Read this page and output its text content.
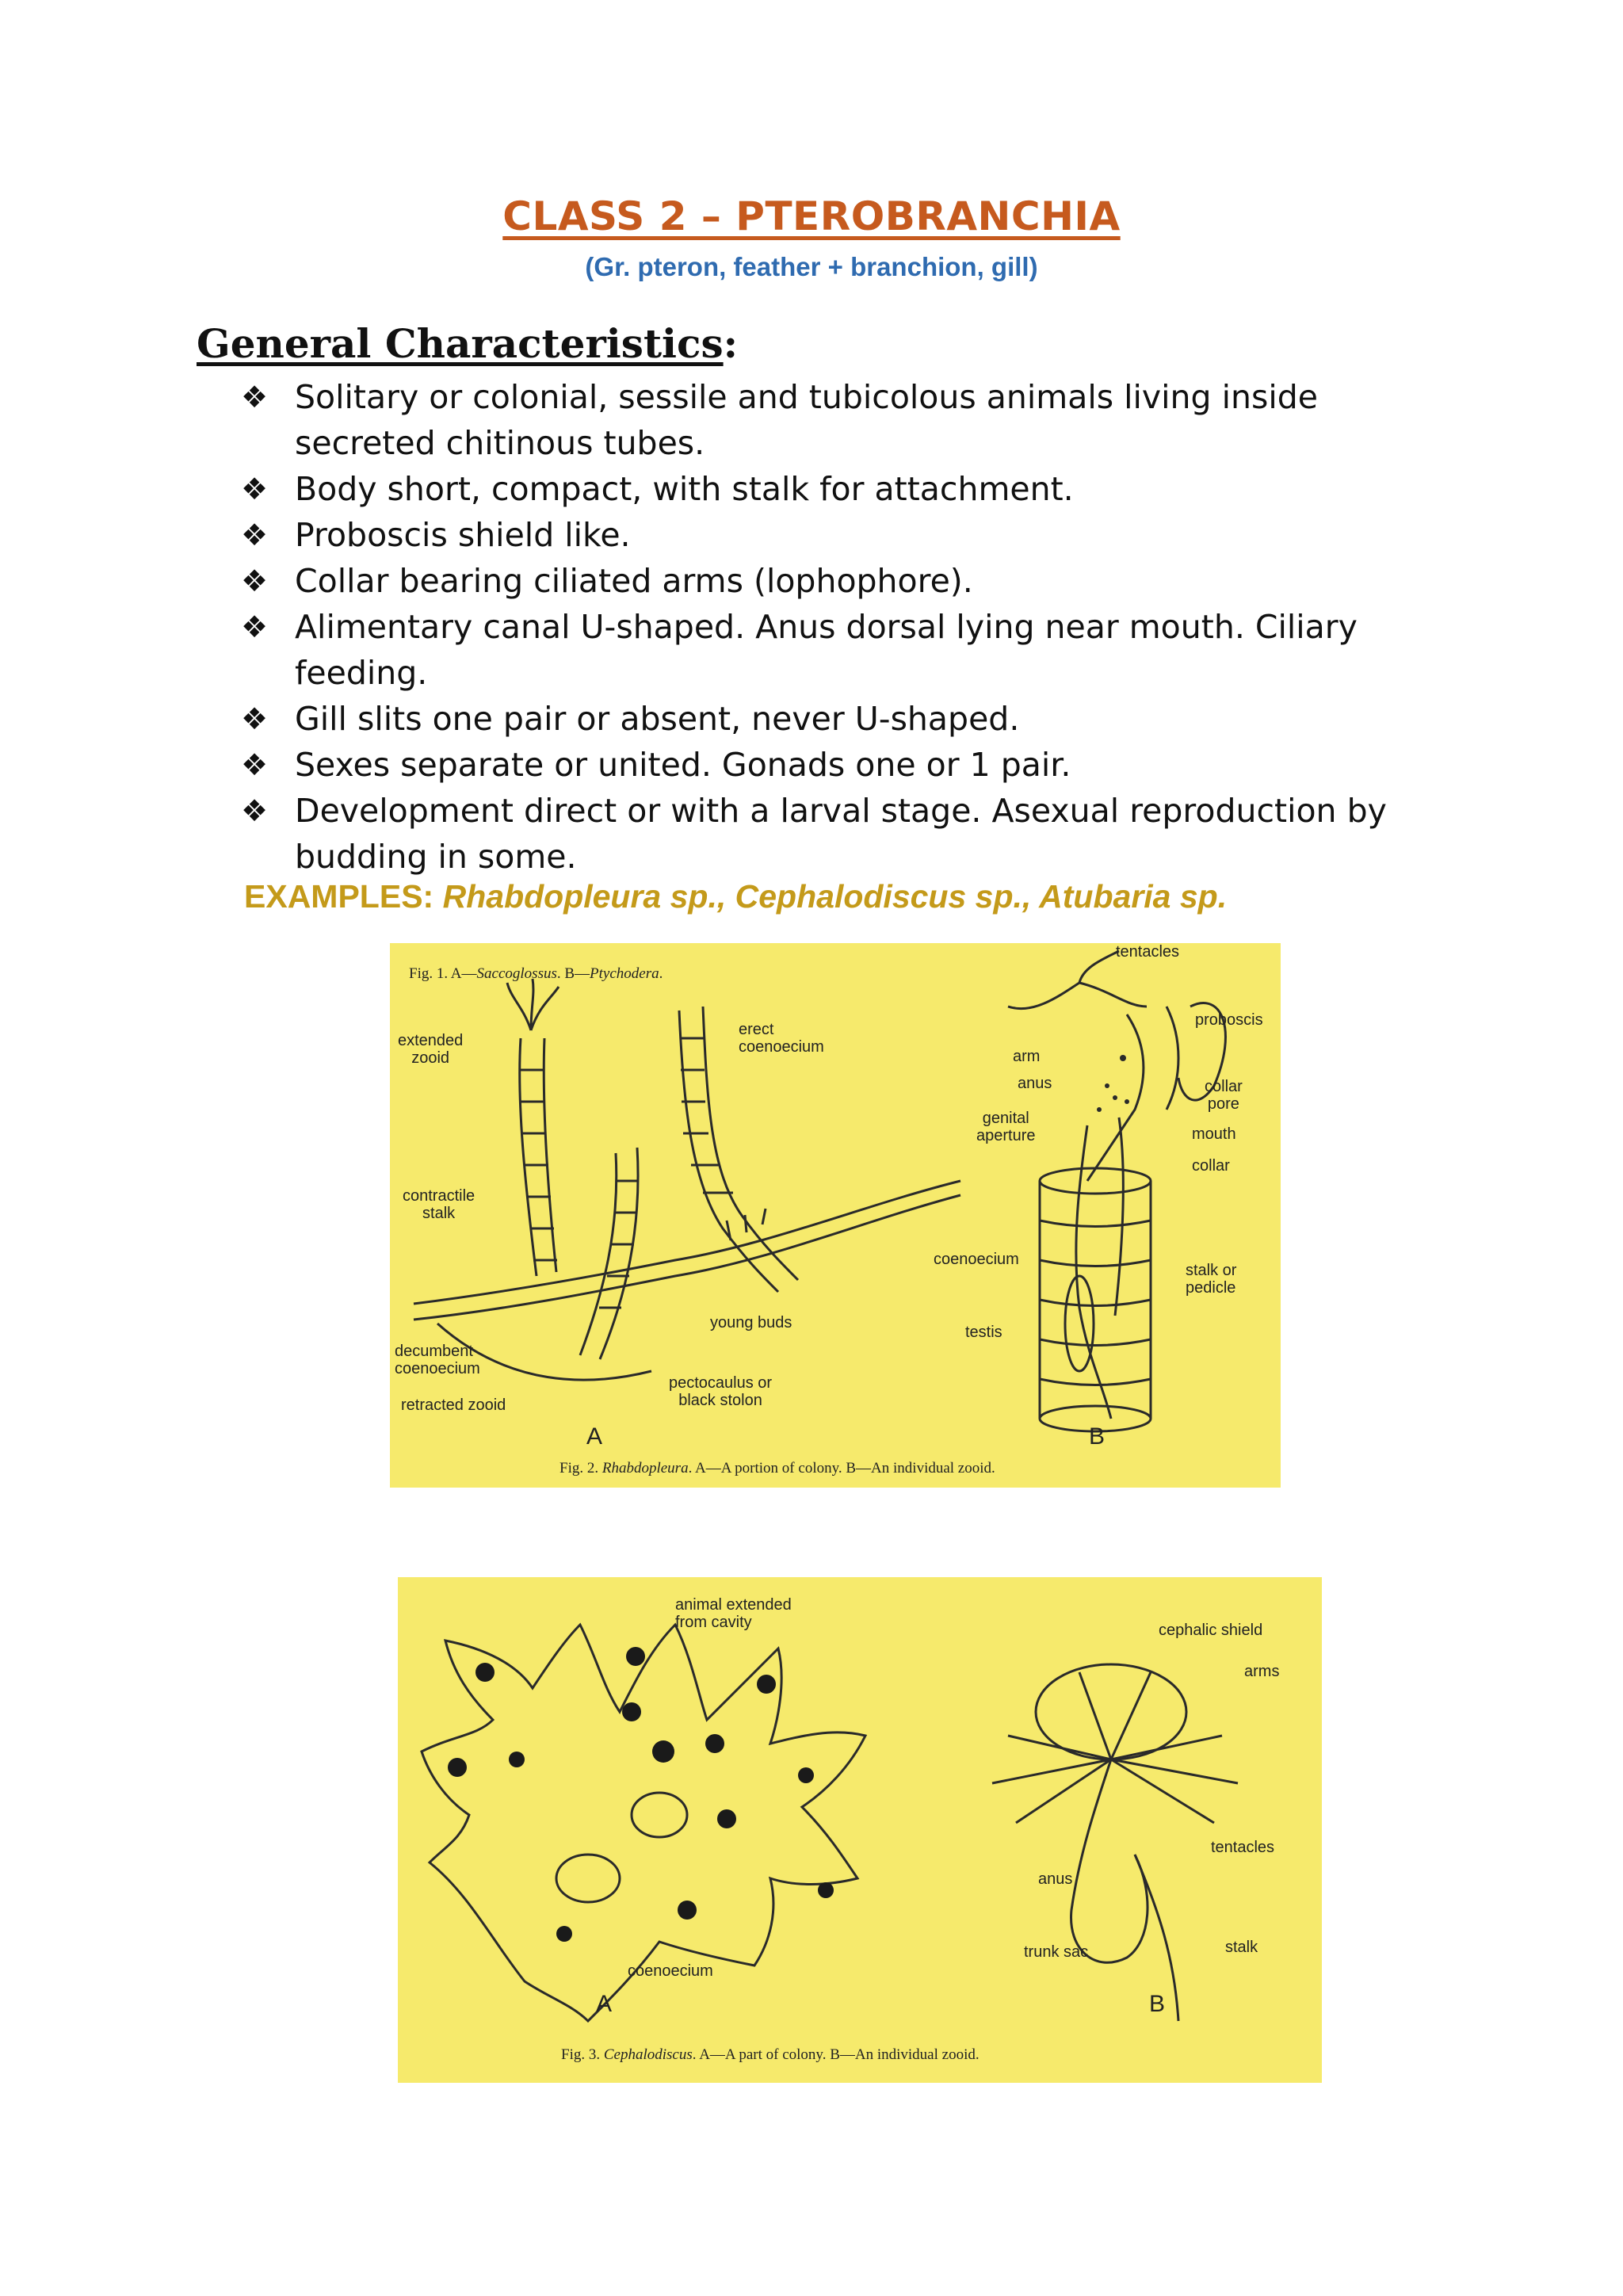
CLASS 2 – PTEROBRANCHIA
(Gr. pteron, feather + branchion, gill)
General Characteristics:
❖ Solitary or colonial, sessile and tubicolous animals living inside secreted chitinous tubes.
❖ Body short, compact, with stalk for attachment.
❖ Proboscis shield like.
❖ Collar bearing ciliated arms (lophophore).
❖ Alimentary canal U-shaped. Anus dorsal lying near mouth. Ciliary feeding.
❖ Gill slits one pair or absent, never U-shaped.
❖ Sexes separate or united. Gonads one or 1 pair.
❖ Development direct or with a larval stage. Asexual reproduction by budding in some.
EXAMPLES: Rhabdopleura sp., Cephalodiscus sp., Atubaria sp.
Fig. 1. A—Saccoglossus. B—Ptychodera.
extended
zooid
erect
coenoecium
contractile
stalk
young buds
decumbent
coenoecium
pectocaulus or
black stolon
retracted zooid
tentacles
proboscis
arm
anus	collar
pore
genital
aperture	mouth
collar
coenoecium
stalk or
pedicle
testis
A	B
Fig. 2. Rhabdopleura. A—A portion of colony. B—An individual zooid.
animal extended
from cavity	cephalic shield
arms
tentacles
anus
trunk sac	stalk
coenoecium
A	B
Fig. 3. Cephalodiscus. A—A part of colony. B—An individual zooid.
